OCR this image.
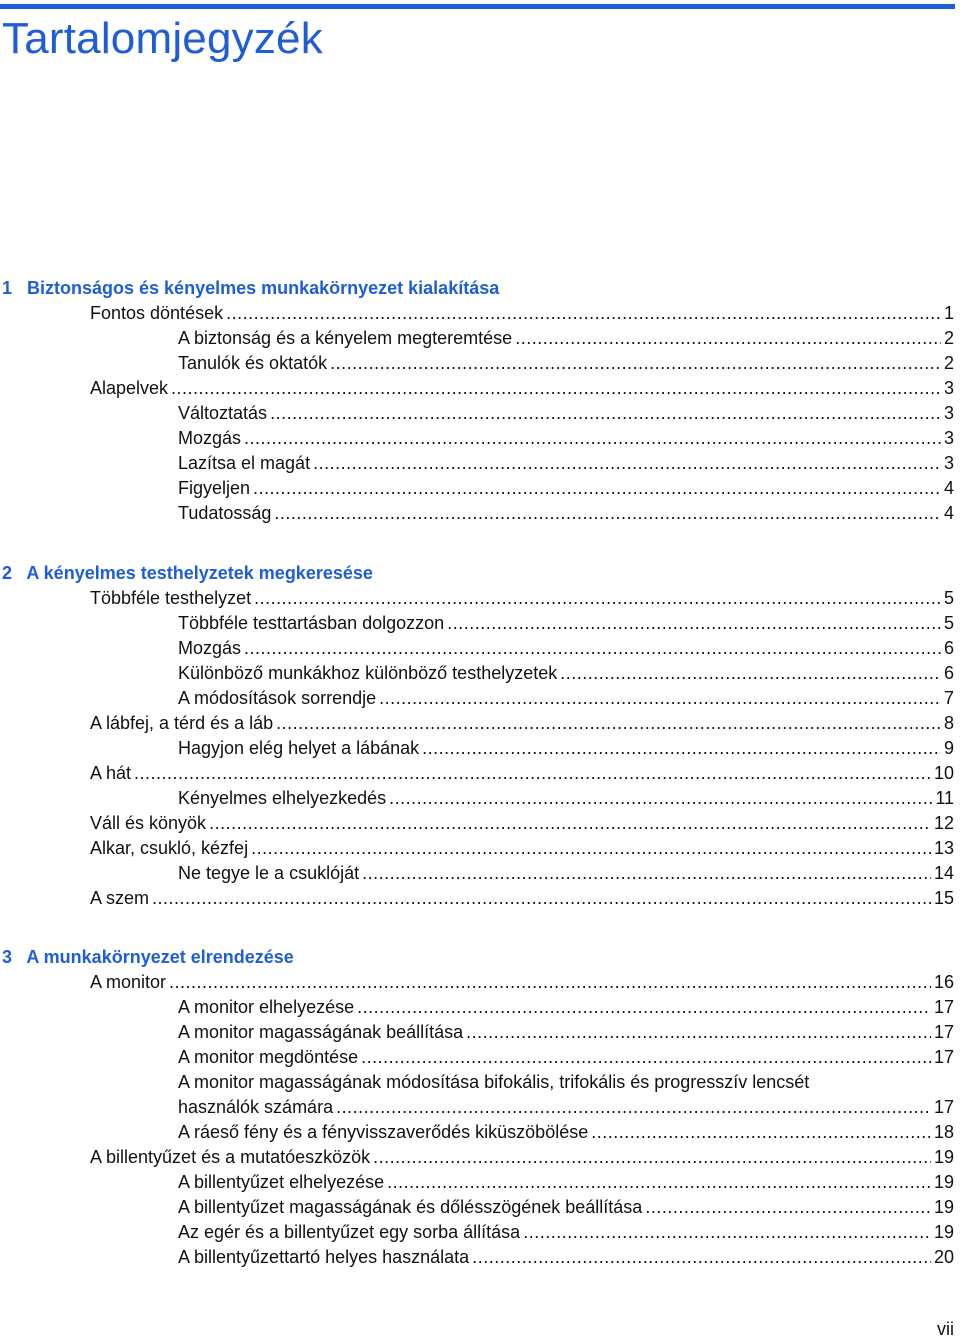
Tartalomjegyzék
1 Biztonságos és kényelmes munkakörnyezet kialakítása
Fontos döntések .....	1
A biztonság és a kényelem megteremtése .....	2
Tanulók és oktatók .....	2
Alapelvek .....	3
Változtatás .....	3
Mozgás .....	3
Lazítsa el magát .....	3
Figyeljen .....	4
Tudatosság .....	4
2 A kényelmes testhelyzetek megkeresése
Többféle testhelyzet .....	5
Többféle testtartásban dolgozzon .....	5
Mozgás .....	6
Különböző munkákhoz különböző testhelyzetek .....	6
A módosítások sorrendje .....	7
A lábfej, a térd és a láb .....	8
Hagyjon elég helyet a lábának .....	9
A hát .....	10
Kényelmes elhelyezkedés .....	11
Váll és könyök .....	12
Alkar, csukló, kézfej .....	13
Ne tegye le a csuklóját .....	14
A szem .....	15
3 A munkakörnyezet elrendezése
A monitor .....	16
A monitor elhelyezése .....	17
A monitor magasságának beállítása .....	17
A monitor megdöntése .....	17
A monitor magasságának módosítása bifokális, trifokális és progresszív lencsét
használók számára .....	17
A ráeső fény és a fényvisszaverődés kiküszöbölése .....	18
A billentyűzet és a mutatóeszközök .....	19
A billentyűzet elhelyezése .....	19
A billentyűzet magasságának és dőlésszögének beállítása .....	19
Az egér és a billentyűzet egy sorba állítása .....	19
A billentyűzettartó helyes használata .....	20
vii
